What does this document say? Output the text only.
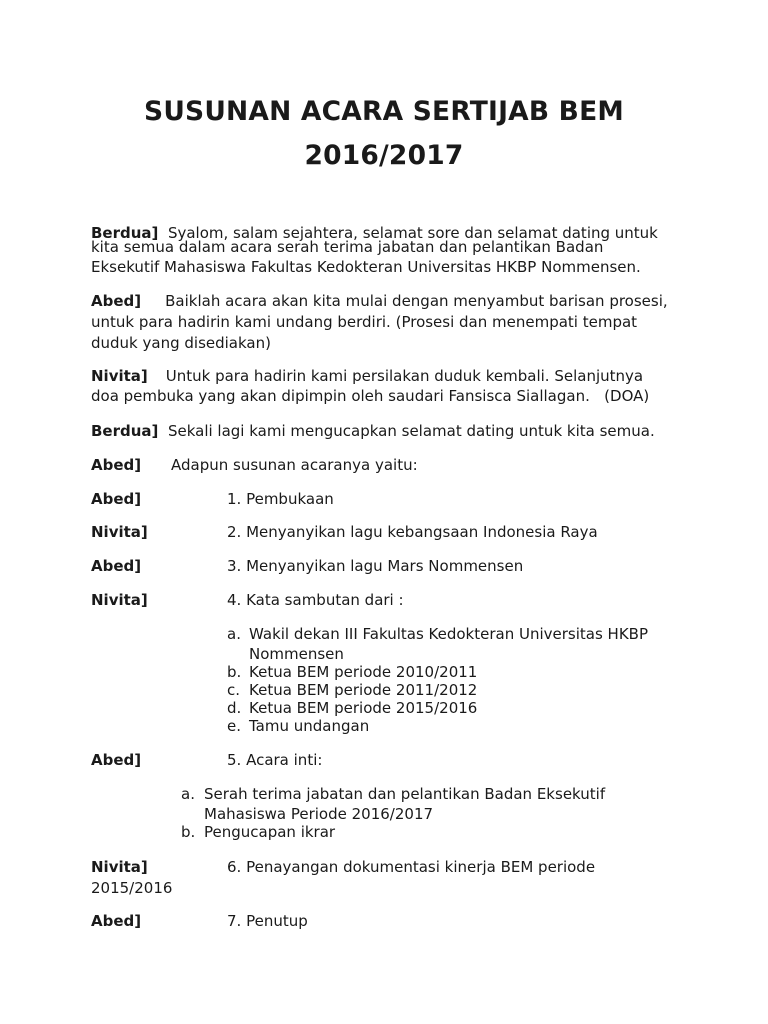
SUSUNAN ACARA SERTIJAB BEM
2016/2017
Berdua] Syalom, salam sejahtera, selamat sore dan selamat dating untuk
kita semua dalam acara serah terima jabatan dan pelantikan Badan
Eksekutif Mahasiswa Fakultas Kedokteran Universitas HKBP Nommensen.
Abed] Baiklah acara akan kita mulai dengan menyambut barisan prosesi,
untuk para hadirin kami undang berdiri. (Prosesi dan menempati tempat
duduk yang disediakan)
Nivita] Untuk para hadirin kami persilakan duduk kembali. Selanjutnya
doa pembuka yang akan dipimpin oleh saudari Fansisca Siallagan.   (DOA)
Berdua] Sekali lagi kami mengucapkan selamat dating untuk kita semua.
Abed] Adapun susunan acaranya yaitu:
Abed]	1. Pembukaan
Nivita]	2. Menyanyikan lagu kebangsaan Indonesia Raya
Abed]	3. Menyanyikan lagu Mars Nommensen
Nivita]	4. Kata sambutan dari :
a. Wakil dekan III Fakultas Kedokteran Universitas HKBP
Nommensen
b. Ketua BEM periode 2010/2011
c. Ketua BEM periode 2011/2012
d. Ketua BEM periode 2015/2016
e. Tamu undangan
Abed]	5. Acara inti:
a. Serah terima jabatan dan pelantikan Badan Eksekutif
Mahasiswa Periode 2016/2017
b. Pengucapan ikrar
Nivita]	6. Penayangan dokumentasi kinerja BEM periode
2015/2016
Abed]	7. Penutup
